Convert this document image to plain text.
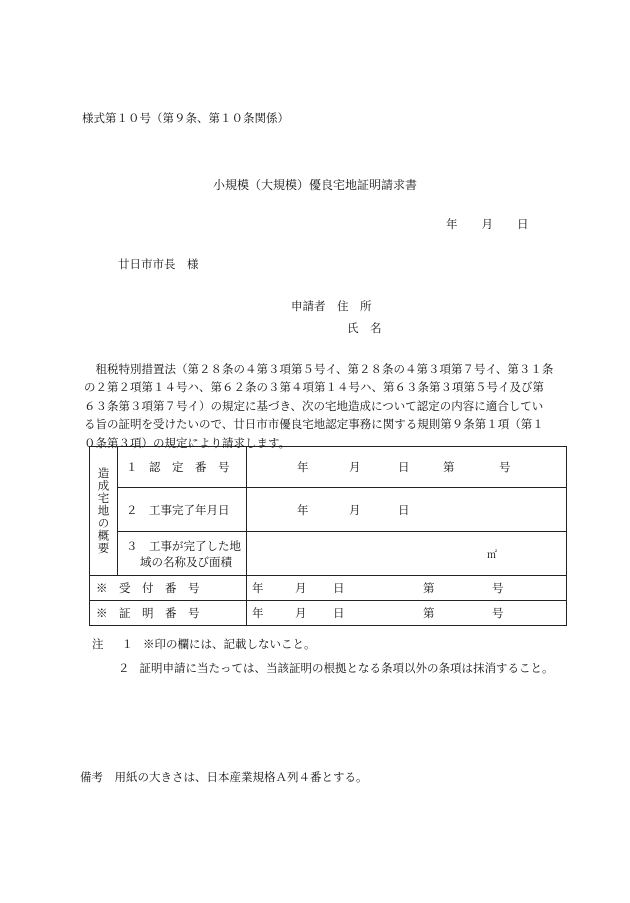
様式第１０号（第９条、第１０条関係）
小規模（大規模）優良宅地証明請求書
年 月 日
廿日市市長　様
申請者　住　所
氏　名
租税特別措置法（第２８条の４第３項第５号イ、第２８条の４第３項第７号イ、第３１条の２第２項第１４号ハ、第６２条の３第４項第１４号ハ、第６３条第３項第５号イ及び第６３条第３項第７号イ）の規定に基づき、次の宅地造成について認定の内容に適合している旨の証明を受けたいので、廿日市市優良宅地認定事務に関する規則第９条第１項（第１０条第３項）の規定により請求します。
造成宅地の概要	１　認　定　番　号	年 月 日 第 号

	２　工事完了年月日	年 月 日

	３　工事が完了した地
域の名称及び面積	㎡

※　受　付　番　号		年 月 日 第 号

※　証　明　番　号		年 月 日 第 号
注 １ ※印の欄には、記載しないこと。
２ 証明申請に当たっては、当該証明の根拠となる条項以外の条項は抹消すること。
備考　用紙の大きさは、日本産業規格Ａ列４番とする。
